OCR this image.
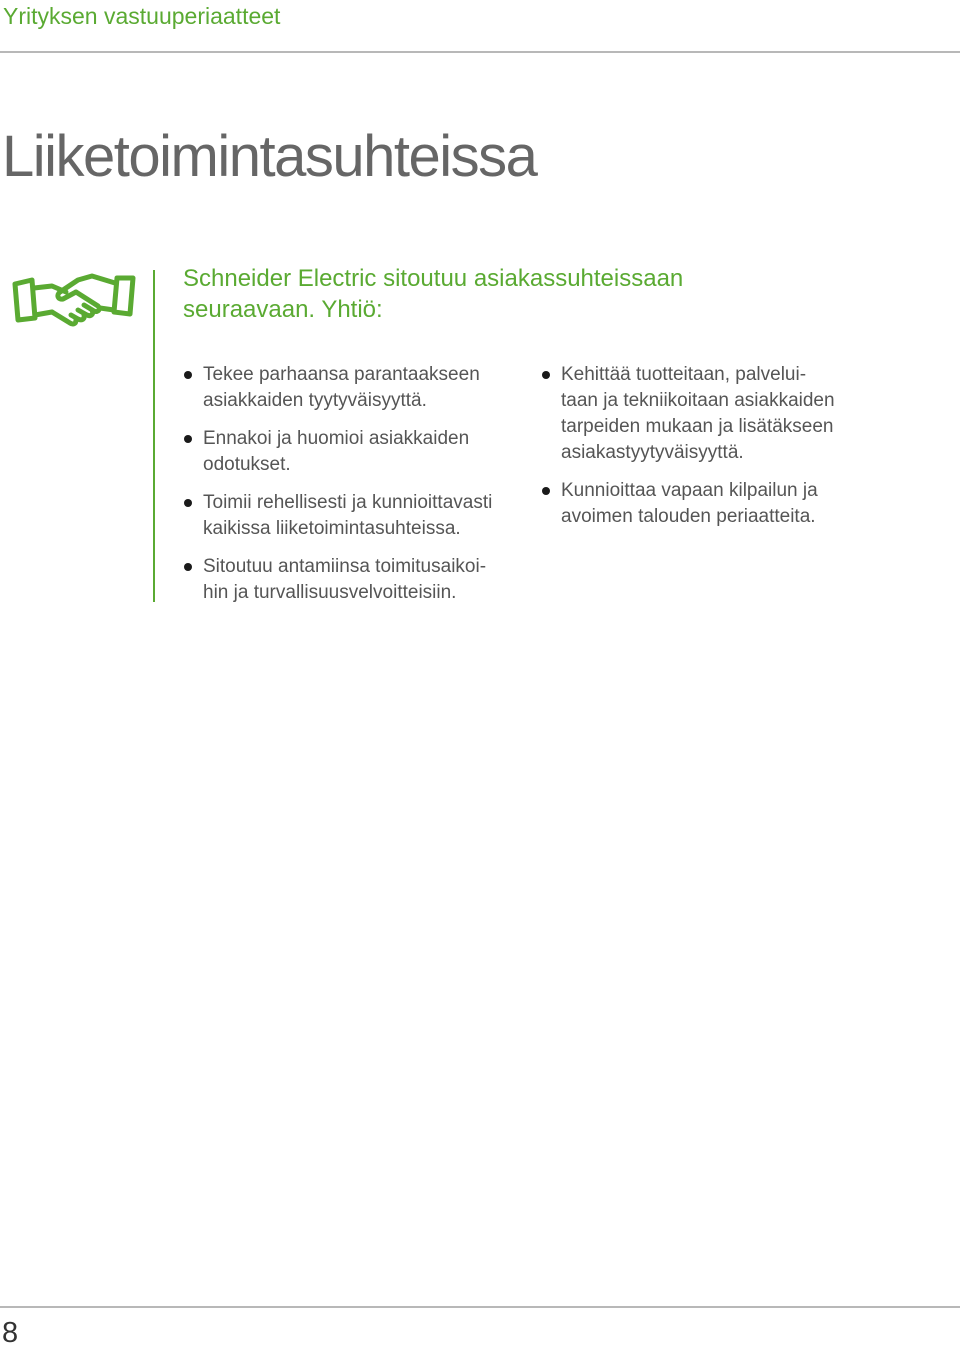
Yrityksen vastuuperiaatteet
Liiketoimintasuhteissa

Schneider Electric sitoutuu asiakassuhteissaan
seuraavaan. Yhtiö:

Tekee parhaansa parantaakseen
asiakkaiden tyytyväisyyttä.
Ennakoi ja huomioi asiakkaiden
odotukset.
Toimii rehellisesti ja kunnioittavasti
kaikissa liiketoimintasuhteissa.
Sitoutuu antamiinsa toimitusaikoi-
hin ja turvallisuusvelvoitteisiin.
Kehittää tuotteitaan, palvelui-
taan ja tekniikoitaan asiakkaiden
tarpeiden mukaan ja lisätäkseen
asiakastyytyväisyyttä.
Kunnioittaa vapaan kilpailun ja
avoimen talouden periaatteita.
8
